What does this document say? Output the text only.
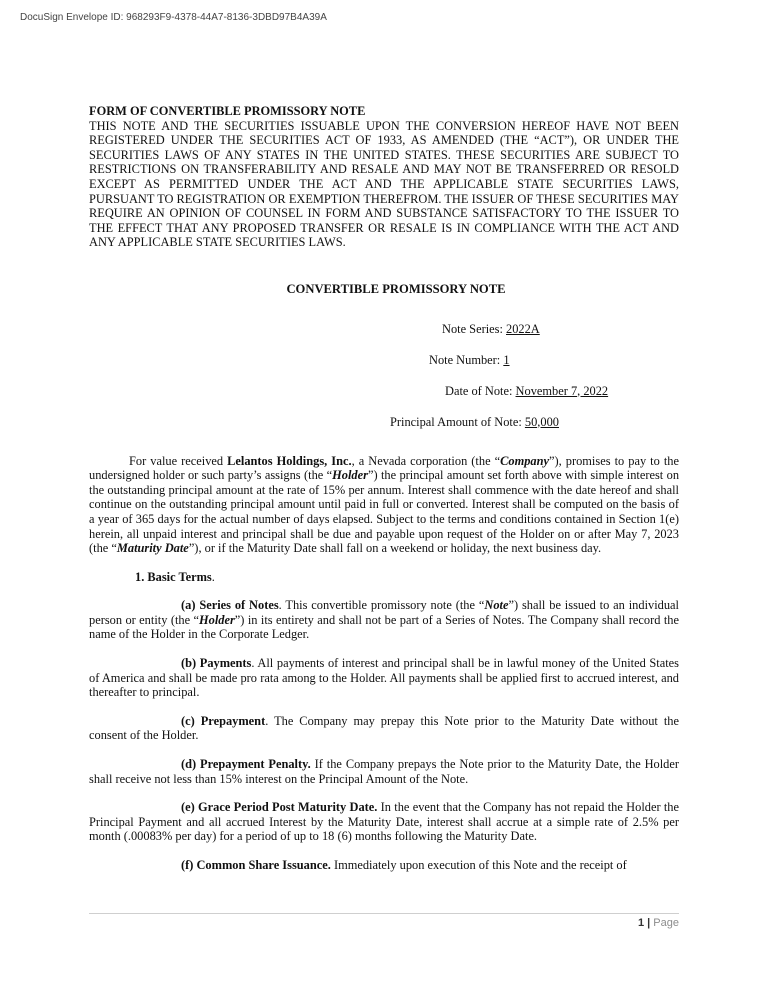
DocuSign Envelope ID: 968293F9-4378-44A7-8136-3DBD97B4A39A
FORM OF CONVERTIBLE PROMISSORY NOTE
THIS NOTE AND THE SECURITIES ISSUABLE UPON THE CONVERSION HEREOF HAVE NOT BEEN REGISTERED UNDER THE SECURITIES ACT OF 1933, AS AMENDED (THE “ACT”), OR UNDER THE SECURITIES LAWS OF ANY STATES IN THE UNITED STATES. THESE SECURITIES ARE SUBJECT TO RESTRICTIONS ON TRANSFERABILITY AND RESALE AND MAY NOT BE TRANSFERRED OR RESOLD EXCEPT AS PERMITTED UNDER THE ACT AND THE APPLICABLE STATE SECURITIES LAWS, PURSUANT TO REGISTRATION OR EXEMPTION THEREFROM. THE ISSUER OF THESE SECURITIES MAY REQUIRE AN OPINION OF COUNSEL IN FORM AND SUBSTANCE SATISFACTORY TO THE ISSUER TO THE EFFECT THAT ANY PROPOSED TRANSFER OR RESALE IS IN COMPLIANCE WITH THE ACT AND ANY APPLICABLE STATE SECURITIES LAWS.
CONVERTIBLE PROMISSORY NOTE
Note Series: 2022A
Note Number: 1
Date of Note: November 7, 2022
Principal Amount of Note: 50,000
For value received Lelantos Holdings, Inc., a Nevada corporation (the “Company”), promises to pay to the undersigned holder or such party’s assigns (the “Holder”) the principal amount set forth above with simple interest on the outstanding principal amount at the rate of 15% per annum. Interest shall commence with the date hereof and shall continue on the outstanding principal amount until paid in full or converted. Interest shall be computed on the basis of a year of 365 days for the actual number of days elapsed. Subject to the terms and conditions contained in Section 1(e) herein, all unpaid interest and principal shall be due and payable upon request of the Holder on or after May 7, 2023 (the “Maturity Date”), or if the Maturity Date shall fall on a weekend or holiday, the next business day.
1. Basic Terms.
(a) Series of Notes. This convertible promissory note (the “Note”) shall be issued to an individual person or entity (the “Holder”) in its entirety and shall not be part of a Series of Notes. The Company shall record the name of the Holder in the Corporate Ledger.
(b) Payments. All payments of interest and principal shall be in lawful money of the United States of America and shall be made pro rata among to the Holder. All payments shall be applied first to accrued interest, and thereafter to principal.
(c) Prepayment. The Company may prepay this Note prior to the Maturity Date without the consent of the Holder.
(d) Prepayment Penalty. If the Company prepays the Note prior to the Maturity Date, the Holder shall receive not less than 15% interest on the Principal Amount of the Note.
(e) Grace Period Post Maturity Date. In the event that the Company has not repaid the Holder the Principal Payment and all accrued Interest by the Maturity Date, interest shall accrue at a simple rate of 2.5% per month (.00083% per day) for a period of up to 18 (6) months following the Maturity Date.
(f) Common Share Issuance. Immediately upon execution of this Note and the receipt of
1 | Page
